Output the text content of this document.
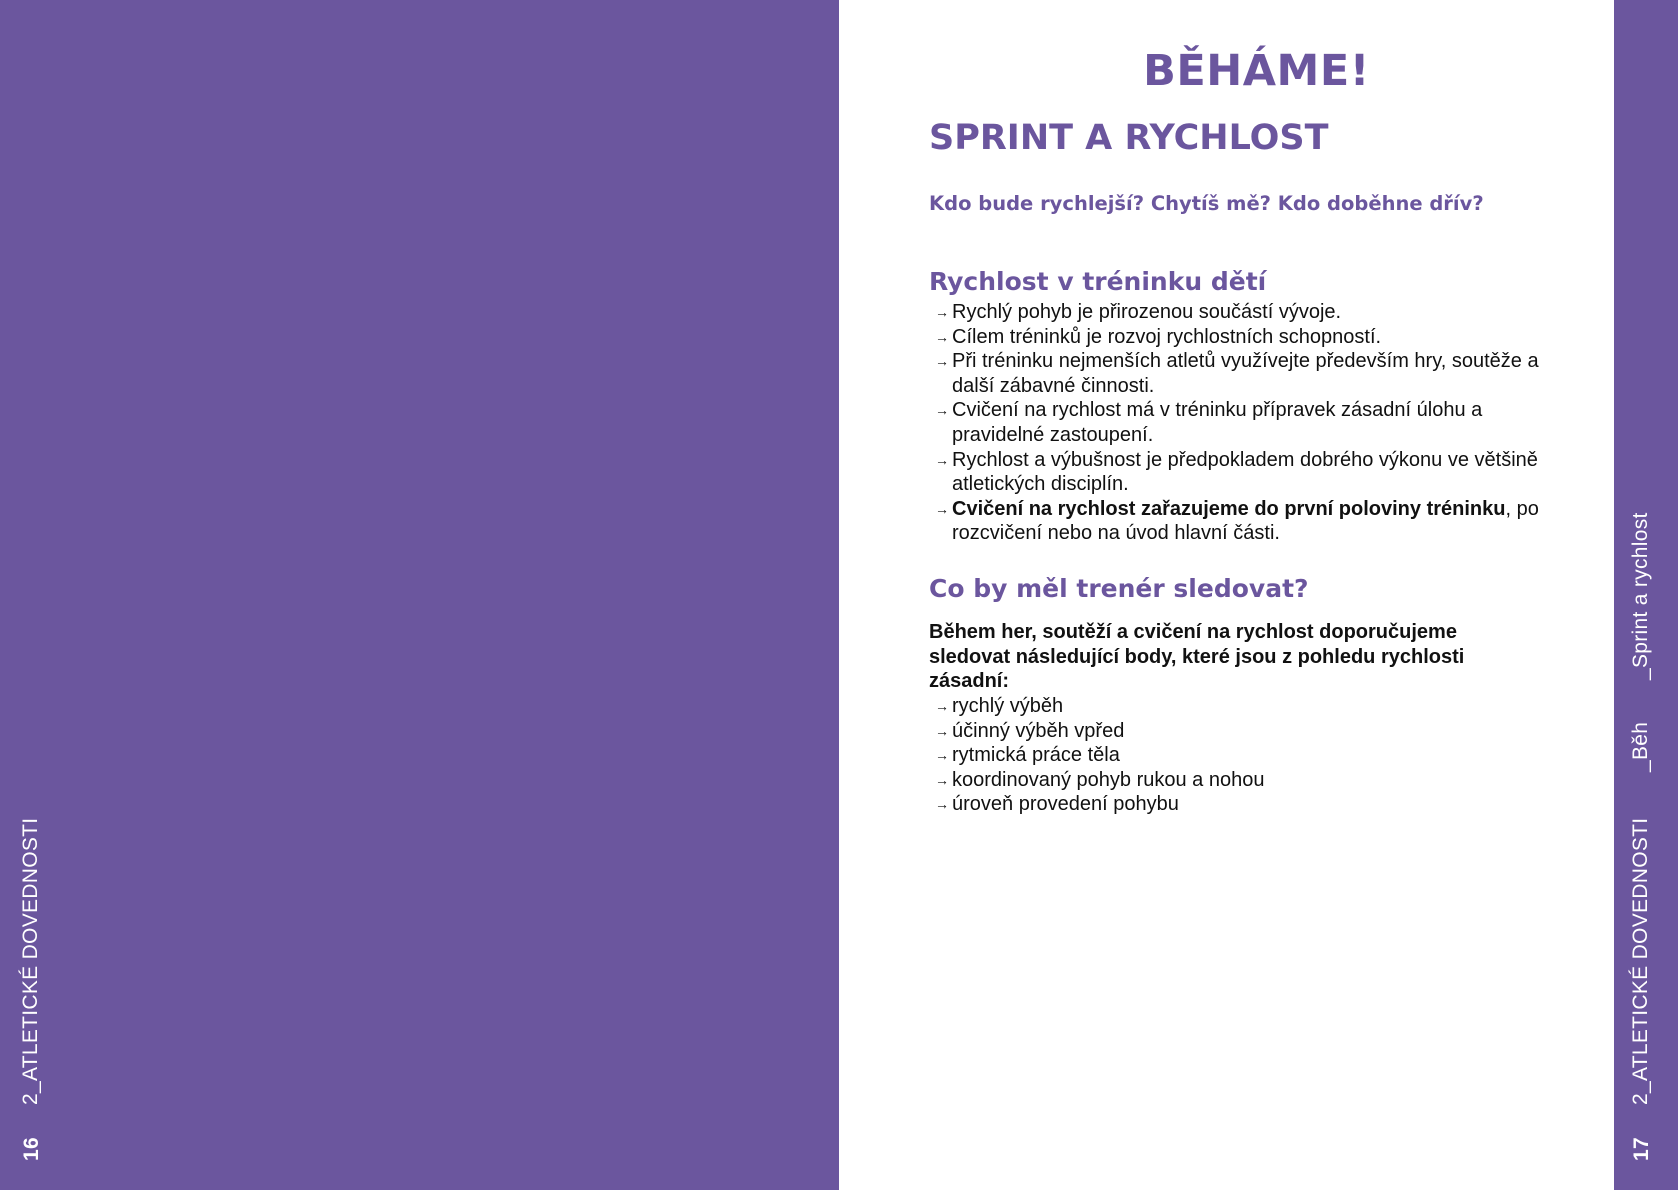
16
2_ATLETICKÉ DOVEDNOSTI
17
2_ATLETICKÉ DOVEDNOSTI
_Běh
_Sprint a rychlost
BĚHÁME!
SPRINT A RYCHLOST

Kdo bude rychlejší? Chytíš mě? Kdo doběhne dřív?

Rychlost v tréninku dětí
→ Rychlý pohyb je přirozenou součástí vývoje.
→ Cílem tréninků je rozvoj rychlostních schopností.
→ Při tréninku nejmenších atletů využívejte především hry, soutěže a další zábavné činnosti.
→ Cvičení na rychlost má v tréninku přípravek zásadní úlohu a pravidelné zastoupení.
→ Rychlost a výbušnost je předpokladem dobrého výkonu ve většině atletických disciplín.
→ Cvičení na rychlost zařazujeme do první poloviny tréninku, po rozcvičení nebo na úvod hlavní části.
Co by měl trenér sledovat?

Během her, soutěží a cvičení na rychlost doporučujeme sledovat následující body, které jsou z pohledu rychlosti zásadní:

→ rychlý výběh
→ účinný výběh vpřed
→ rytmická práce těla
→ koordinovaný pohyb rukou a nohou
→ úroveň provedení pohybu
